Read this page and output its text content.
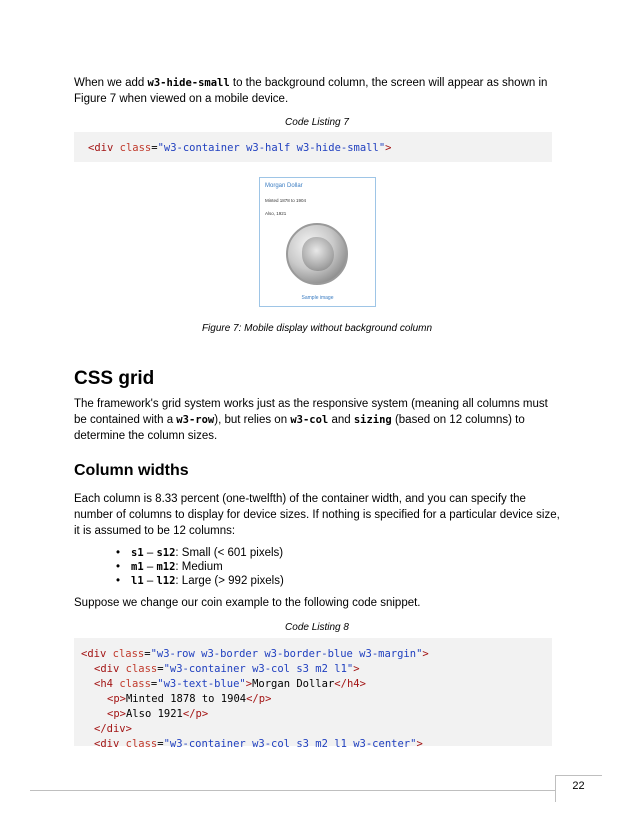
When we add w3-hide-small to the background column, the screen will appear as shown in Figure 7 when viewed on a mobile device.
Code Listing 7
<div class="w3-container w3-half w3-hide-small">
Morgan Dollar
Minted 1878 to 1904
Also, 1921
Sample image
Figure 7: Mobile display without background column
CSS grid
The framework's grid system works just as the responsive system (meaning all columns must be contained with a w3-row), but relies on w3-col and sizing (based on 12 columns) to determine the column sizes.
Column widths
Each column is 8.33 percent (one-twelfth) of the container width, and you can specify the number of columns to display for device sizes. If nothing is specified for a particular device size, it is assumed to be 12 columns:
• s1 – s12: Small (< 601 pixels)
• m1 – m12: Medium
• l1 – l12: Large (> 992 pixels)
Suppose we change our coin example to the following code snippet.
Code Listing 8
<div class="w3-row w3-border w3-border-blue w3-margin">
<div class="w3-container w3-col s3 m2 l1">
<h4 class="w3-text-blue">Morgan Dollar</h4>
<p>Minted 1878 to 1904</p>
<p>Also 1921</p>
</div>
<div class="w3-container w3-col s3 m2 l1 w3-center">
22
